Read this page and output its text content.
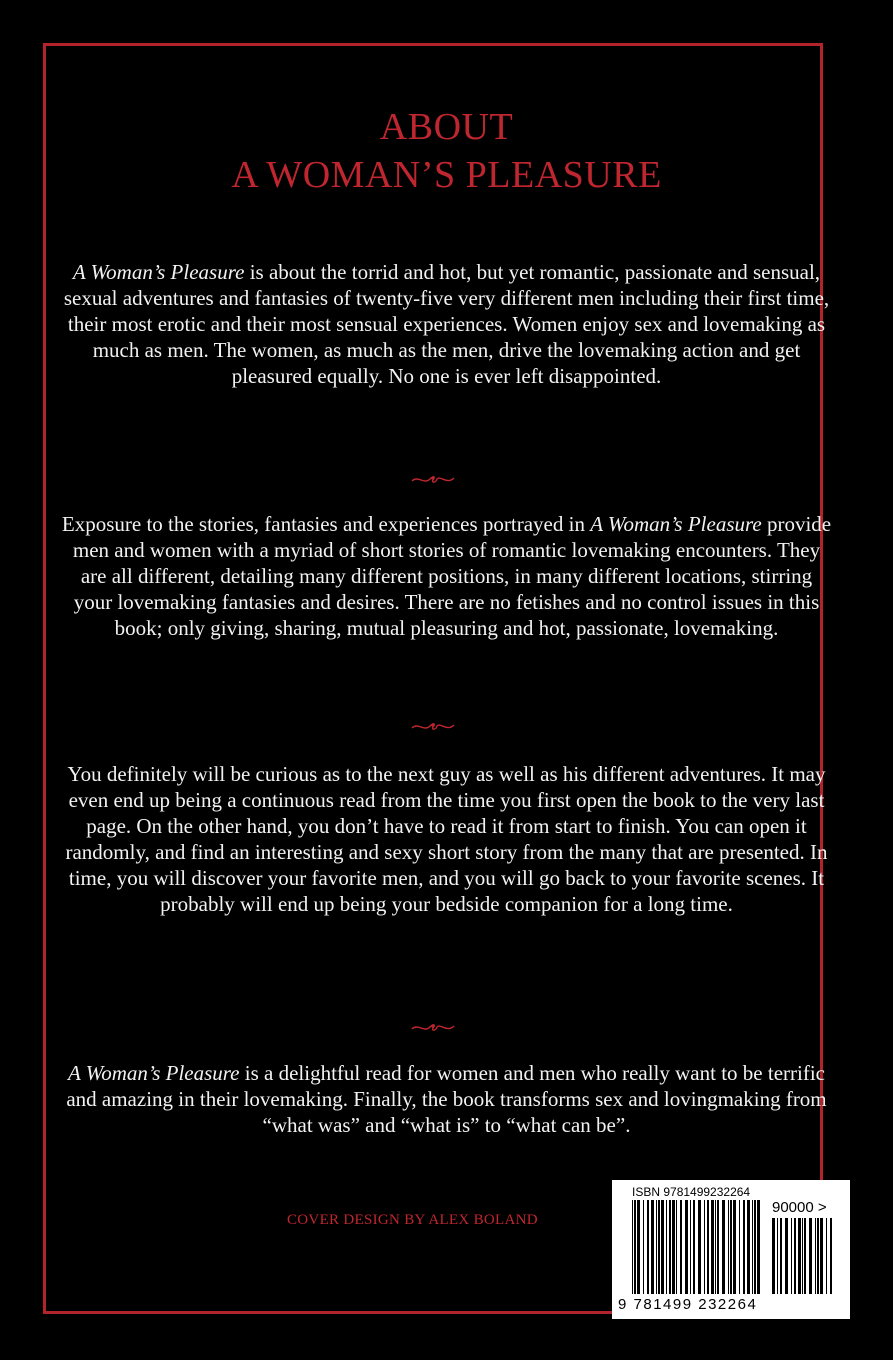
ABOUT
A WOMAN’S PLEASURE

A Woman’s Pleasure is about the torrid and hot, but yet romantic, passionate and sensual, sexual adventures and fantasies of twenty-five very different men including their first time, their most erotic and their most sensual experiences. Women enjoy sex and lovemaking as much as men. The women, as much as the men, drive the lovemaking action and get pleasured equally. No one is ever left disappointed.

Exposure to the stories, fantasies and experiences portrayed in A Woman’s Pleasure provide men and women with a myriad of short stories of romantic lovemaking encounters. They are all different, detailing many different positions, in many different locations, stirring your lovemaking fantasies and desires. There are no fetishes and no control issues in this book; only giving, sharing, mutual pleasuring and hot, passionate, lovemaking.

You definitely will be curious as to the next guy as well as his different adventures. It may even end up being a continuous read from the time you first open the book to the very last page. On the other hand, you don’t have to read it from start to finish. You can open it randomly, and find an interesting and sexy short story from the many that are presented. In time, you will discover your favorite men, and you will go back to your favorite scenes. It probably will end up being your bedside companion for a long time.

A Woman’s Pleasure is a delightful read for women and men who really want to be terrific and amazing in their lovemaking. Finally, the book transforms sex and lovingmaking from “what was” and “what is” to “what can be”.

COVER DESIGN BY ALEX BOLAND

ISBN 9781499232264
90000 >
9 781499 232264
